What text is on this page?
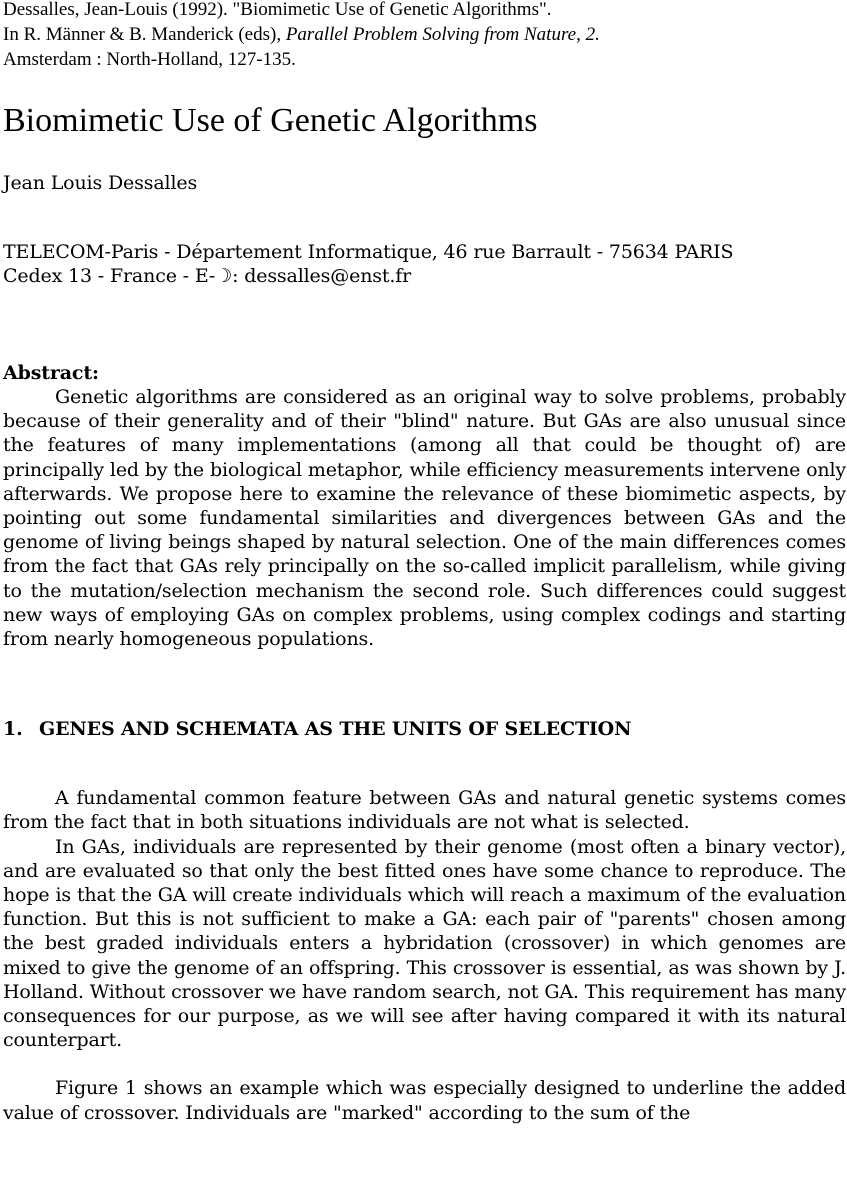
Dessalles, Jean-Louis (1992). "Biomimetic Use of Genetic Algorithms".
In R. Männer & B. Manderick (eds), Parallel Problem Solving from Nature, 2.
Amsterdam : North-Holland, 127-135.
Biomimetic Use of Genetic Algorithms
Jean Louis Dessalles
TELECOM-Paris - Département Informatique, 46 rue Barrault - 75634 PARIS
Cedex 13 - France - E-☽: dessalles@enst.fr
Abstract:
Genetic algorithms are considered as an original way to solve problems, probably because of their generality and of their "blind" nature. But GAs are also unusual since the features of many implementations (among all that could be thought of) are principally led by the biological metaphor, while efficiency measurements intervene only afterwards. We propose here to examine the relevance of these biomimetic aspects, by pointing out some fundamental similarities and divergences between GAs and the genome of living beings shaped by natural selection. One of the main differences comes from the fact that GAs rely principally on the so-called implicit parallelism, while giving to the mutation/selection mechanism the second role. Such differences could suggest new ways of employing GAs on complex problems, using complex codings and starting from nearly homogeneous populations.
1. GENES AND SCHEMATA AS THE UNITS OF SELECTION
A fundamental common feature between GAs and natural genetic systems comes from the fact that in both situations individuals are not what is selected.
In GAs, individuals are represented by their genome (most often a binary vector), and are evaluated so that only the best fitted ones have some chance to reproduce. The hope is that the GA will create individuals which will reach a maximum of the evaluation function. But this is not sufficient to make a GA: each pair of "parents" chosen among the best graded individuals enters a hybridation (crossover) in which genomes are mixed to give the genome of an offspring. This crossover is essential, as was shown by J. Holland. Without crossover we have random search, not GA. This requirement has many consequences for our purpose, as we will see after having compared it with its natural counterpart.
Figure 1 shows an example which was especially designed to underline the added value of crossover. Individuals are "marked" according to the sum of the
